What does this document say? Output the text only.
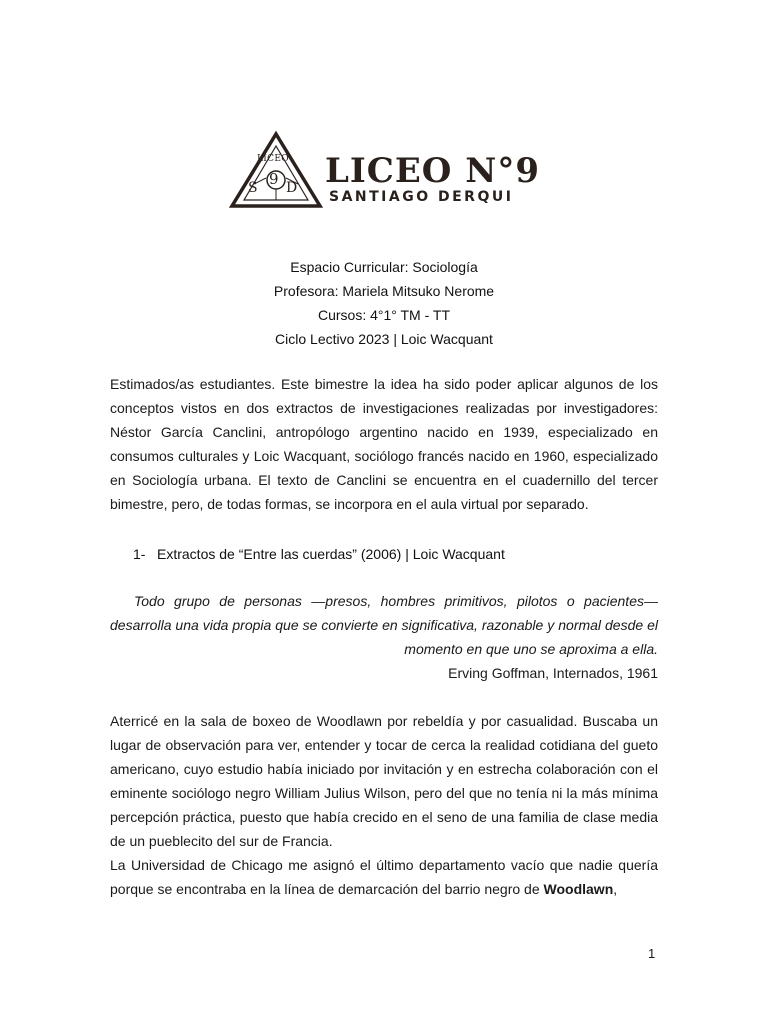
LICEO
9
S D LICEO N°9
SANTIAGO DERQUI
Espacio Curricular: Sociología
Profesora: Mariela Mitsuko Nerome
Cursos: 4°1° TM - TT
Ciclo Lectivo 2023 | Loic Wacquant
Estimados/as estudiantes. Este bimestre la idea ha sido poder aplicar algunos de los conceptos vistos en dos extractos de investigaciones realizadas por investigadores: Néstor García Canclini, antropólogo argentino nacido en 1939, especializado en consumos culturales y Loic Wacquant, sociólogo francés nacido en 1960, especializado en Sociología urbana. El texto de Canclini se encuentra en el cuadernillo del tercer bimestre, pero, de todas formas, se incorpora en el aula virtual por separado.
1- Extractos de “Entre las cuerdas” (2006) | Loic Wacquant
Todo grupo de personas —presos, hombres primitivos, pilotos o pacientes— desarrolla una vida propia que se convierte en significativa, razonable y normal desde el momento en que uno se aproxima a ella.
Erving Goffman, Internados, 1961
Aterricé en la sala de boxeo de Woodlawn por rebeldía y por casualidad. Buscaba un lugar de observación para ver, entender y tocar de cerca la realidad cotidiana del gueto americano, cuyo estudio había iniciado por invitación y en estrecha colaboración con el eminente sociólogo negro William Julius Wilson, pero del que no tenía ni la más mínima percepción práctica, puesto que había crecido en el seno de una familia de clase media de un pueblecito del sur de Francia.
La Universidad de Chicago me asignó el último departamento vacío que nadie quería porque se encontraba en la línea de demarcación del barrio negro de Woodlawn,
1
